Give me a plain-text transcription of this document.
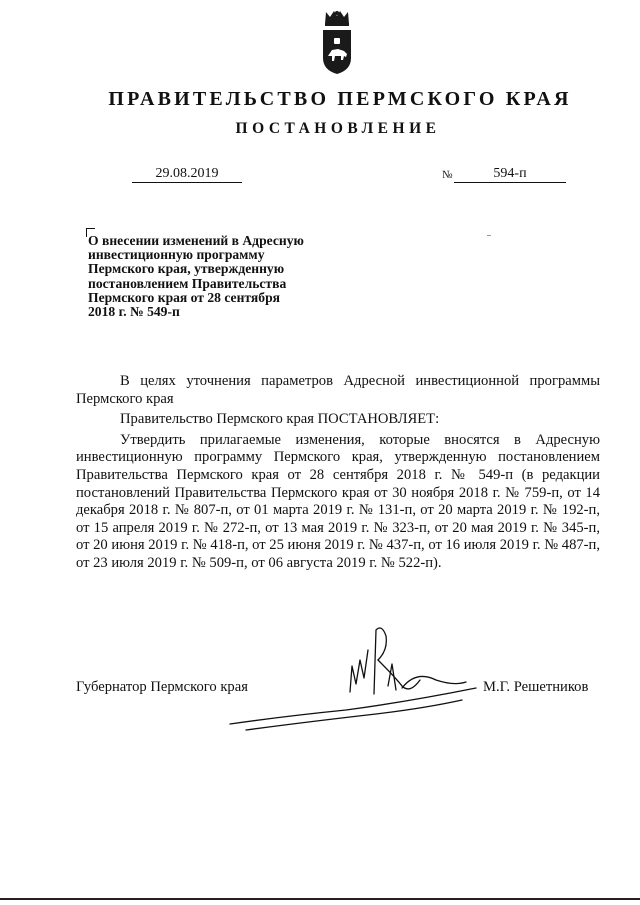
ПРАВИТЕЛЬСТВО ПЕРМСКОГО КРАЯ
ПОСТАНОВЛЕНИЕ
29.08.2019	№	594-п
О внесении изменений в Адресную
инвестиционную программу
Пермского края, утвержденную
постановлением Правительства
Пермского края от 28 сентября
2018 г. № 549-п

В целях уточнения параметров Адресной инвестиционной программы Пермского края

Правительство Пермского края ПОСТАНОВЛЯЕТ:

Утвердить прилагаемые изменения, которые вносятся в Адресную инвестиционную программу Пермского края, утвержденную постановлением Правительства Пермского края от 28 сентября 2018 г. № 549-п (в редакции постановлений Правительства Пермского края от 30 ноября 2018 г. № 759-п, от 14 декабря 2018 г. № 807-п, от 01 марта 2019 г. № 131-п, от 20 марта 2019 г. № 192-п, от 15 апреля 2019 г. № 272-п, от 13 мая 2019 г. № 323-п, от 20 мая 2019 г. № 345-п, от 20 июня 2019 г. № 418-п, от 25 июня 2019 г. № 437-п, от 16 июля 2019 г. № 487-п, от 23 июля 2019 г. № 509-п, от 06 августа 2019 г. № 522-п).

Губернатор Пермского края	М.Г. Решетников
